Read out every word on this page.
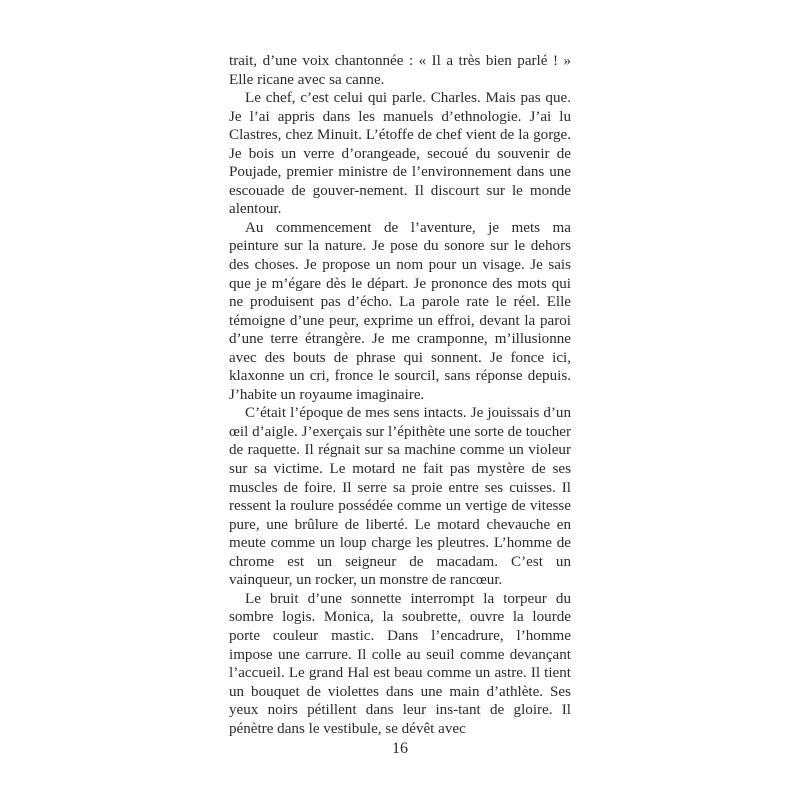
trait, d’une voix chantonnée : « Il a très bien parlé ! » Elle ricane avec sa canne.

Le chef, c’est celui qui parle. Charles. Mais pas que. Je l’ai appris dans les manuels d’ethnologie. J’ai lu Clastres, chez Minuit. L’étoffe de chef vient de la gorge. Je bois un verre d’orangeade, secoué du souvenir de Poujade, premier ministre de l’environnement dans une escouade de gouver-nement. Il discourt sur le monde alentour.

Au commencement de l’aventure, je mets ma peinture sur la nature. Je pose du sonore sur le dehors des choses. Je propose un nom pour un visage. Je sais que je m’égare dès le départ. Je prononce des mots qui ne produisent pas d’écho. La parole rate le réel. Elle témoigne d’une peur, exprime un effroi, devant la paroi d’une terre étrangère. Je me cramponne, m’illusionne avec des bouts de phrase qui sonnent. Je fonce ici, klaxonne un cri, fronce le sourcil, sans réponse depuis. J’habite un royaume imaginaire.

C’était l’époque de mes sens intacts. Je jouissais d’un œil d’aigle. J’exerçais sur l’épithète une sorte de toucher de raquette. Il régnait sur sa machine comme un violeur sur sa victime. Le motard ne fait pas mystère de ses muscles de foire. Il serre sa proie entre ses cuisses. Il ressent la roulure possédée comme un vertige de vitesse pure, une brûlure de liberté. Le motard chevauche en meute comme un loup charge les pleutres. L’homme de chrome est un seigneur de macadam. C’est un vainqueur, un rocker, un monstre de rancœur.

Le bruit d’une sonnette interrompt la torpeur du sombre logis. Monica, la soubrette, ouvre la lourde porte couleur mastic. Dans l’encadrure, l’homme impose une carrure. Il colle au seuil comme devançant l’accueil. Le grand Hal est beau comme un astre. Il tient un bouquet de violettes dans une main d’athlète. Ses yeux noirs pétillent dans leur ins-tant de gloire. Il pénètre dans le vestibule, se dévêt avec

16
